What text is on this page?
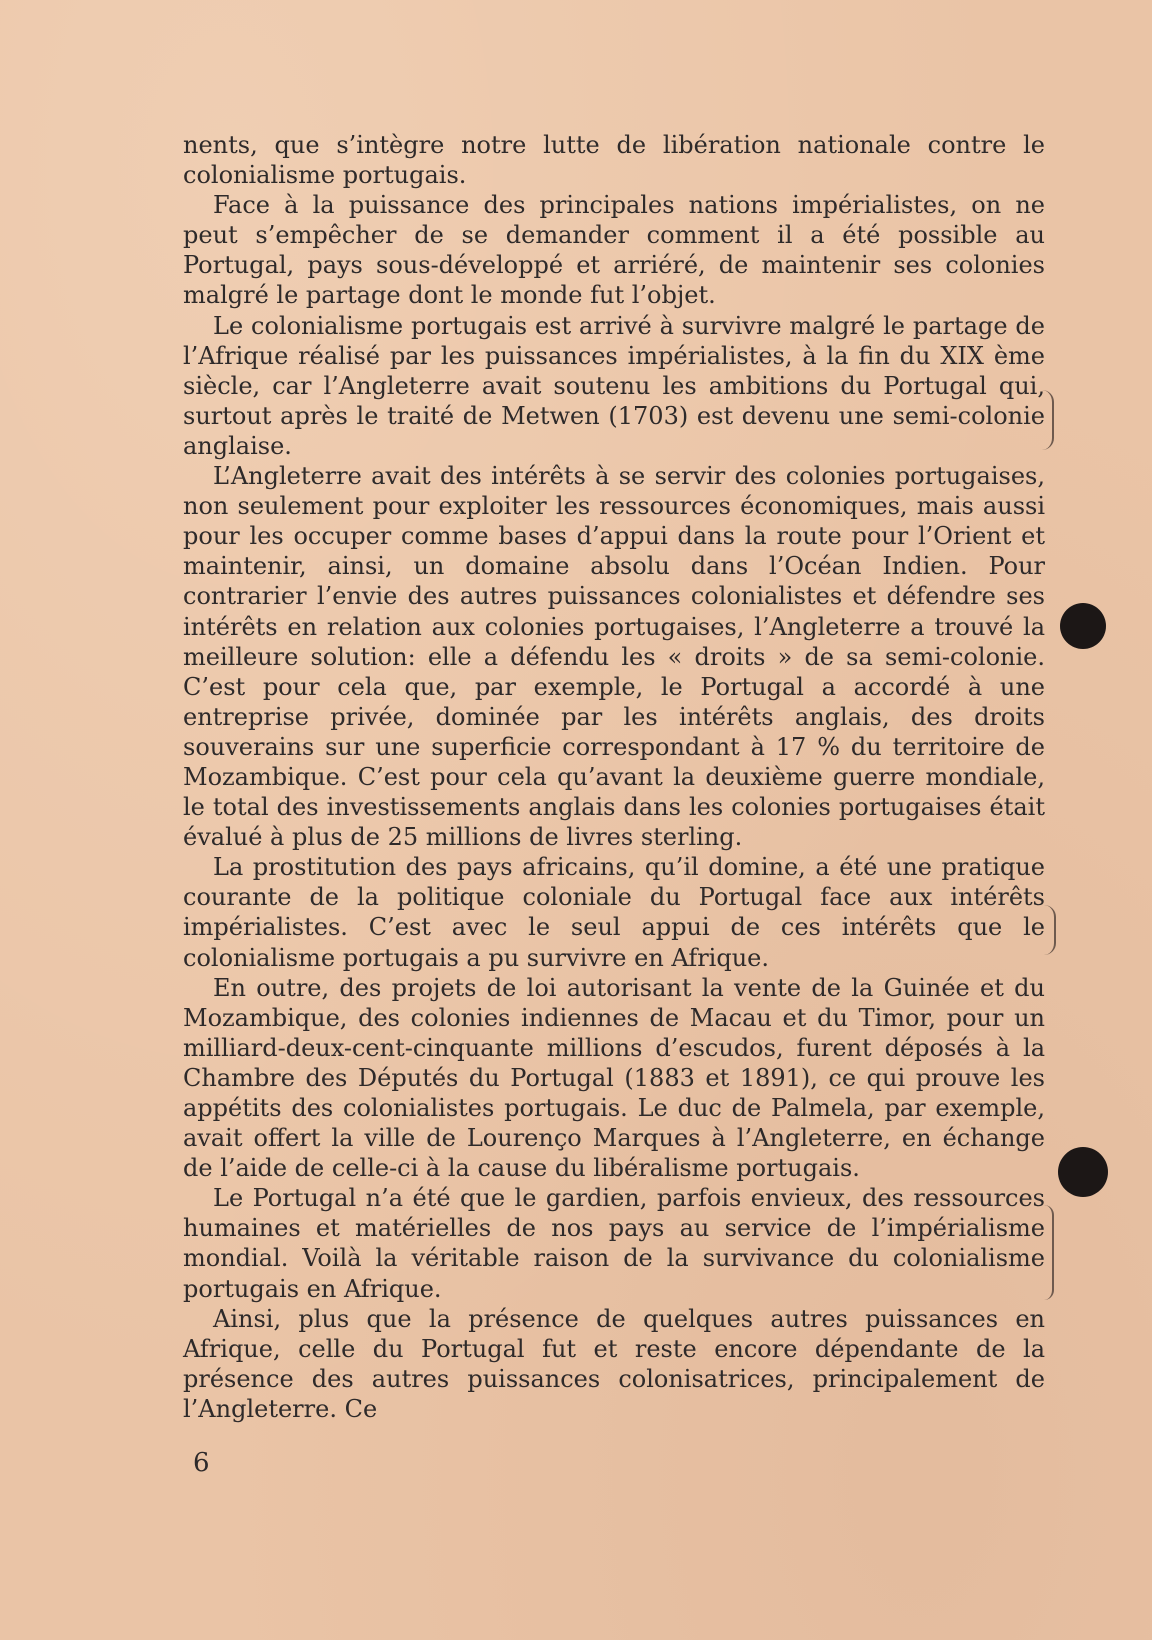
nents, que s’intègre notre lutte de libération nationale contre le colonialisme portugais.

Face à la puissance des principales nations impérialistes, on ne peut s’empêcher de se demander comment il a été possible au Portugal, pays sous-développé et arriéré, de maintenir ses colonies malgré le partage dont le monde fut l’objet.

Le colonialisme portugais est arrivé à survivre malgré le partage de l’Afrique réalisé par les puissances impérialistes, à la fin du XIX ème siècle, car l’Angleterre avait soutenu les ambitions du Portugal qui, surtout après le traité de Metwen (1703) est devenu une semi-colonie anglaise.

L’Angleterre avait des intérêts à se servir des colonies portugaises, non seulement pour exploiter les ressources économiques, mais aussi pour les occuper comme bases d’appui dans la route pour l’Orient et maintenir, ainsi, un domaine absolu dans l’Océan Indien. Pour contrarier l’envie des autres puissances colonialistes et défendre ses intérêts en relation aux colonies portugaises, l’Angleterre a trouvé la meilleure solution: elle a défendu les « droits » de sa semi-colonie. C’est pour cela que, par exemple, le Portugal a accordé à une entreprise privée, dominée par les intérêts anglais, des droits souverains sur une superficie correspondant à 17 % du territoire de Mozambique. C’est pour cela qu’avant la deuxième guerre mondiale, le total des investissements anglais dans les colonies portugaises était évalué à plus de 25 millions de livres sterling.

La prostitution des pays africains, qu’il domine, a été une pratique courante de la politique coloniale du Portugal face aux intérêts impérialistes. C’est avec le seul appui de ces intérêts que le colonialisme portugais a pu survivre en Afrique.

En outre, des projets de loi autorisant la vente de la Guinée et du Mozambique, des colonies indiennes de Macau et du Timor, pour un milliard-deux-cent-cinquante millions d’escudos, furent déposés à la Chambre des Députés du Portugal (1883 et 1891), ce qui prouve les appétits des colonialistes portugais. Le duc de Palmela, par exemple, avait offert la ville de Lourenço Marques à l’Angleterre, en échange de l’aide de celle-ci à la cause du libéralisme portugais.

Le Portugal n’a été que le gardien, parfois envieux, des ressources humaines et matérielles de nos pays au service de l’impérialisme mondial. Voilà la véritable raison de la survivance du colonialisme portugais en Afrique.

Ainsi, plus que la présence de quelques autres puissances en Afrique, celle du Portugal fut et reste encore dépendante de la présence des autres puissances colonisatrices, principalement de l’Angleterre. Ce

6
